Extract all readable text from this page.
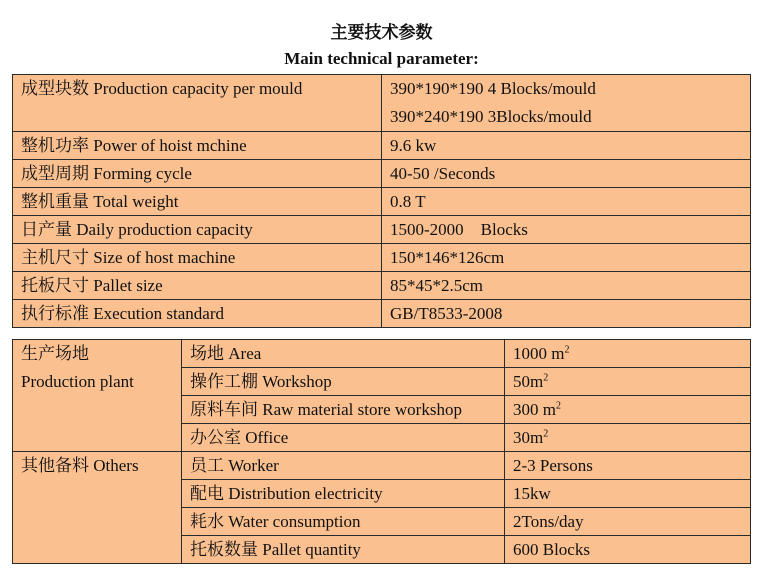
主要技术参数
Main technical parameter:
成型块数 Production capacity per mould	390*190*190 4 Blocks/mould
390*240*190 3Blocks/mould

整机功率 Power of hoist mchine	9.6 kw
成型周期 Forming cycle	40-50 /Seconds
整机重量 Total weight	0.8 T
日产量 Daily production capacity	1500-2000    Blocks
主机尺寸 Size of host machine	150*146*126cm
托板尺寸 Pallet size	85*45*2.5cm
执行标准 Execution standard	GB/T8533-2008
生产场地
Production plant	场地 Area	1000 $m^2$
	操作工棚 Workshop	$50m^2$
	原料车间 Raw material store workshop	300 $m^2$
	办公室 Office	$30m^2$

其他备料 Others	员工 Worker	2-3 Persons
	配电 Distribution electricity	15kw
	耗水 Water consumption	2Tons/day
	托板数量 Pallet quantity	600 Blocks
